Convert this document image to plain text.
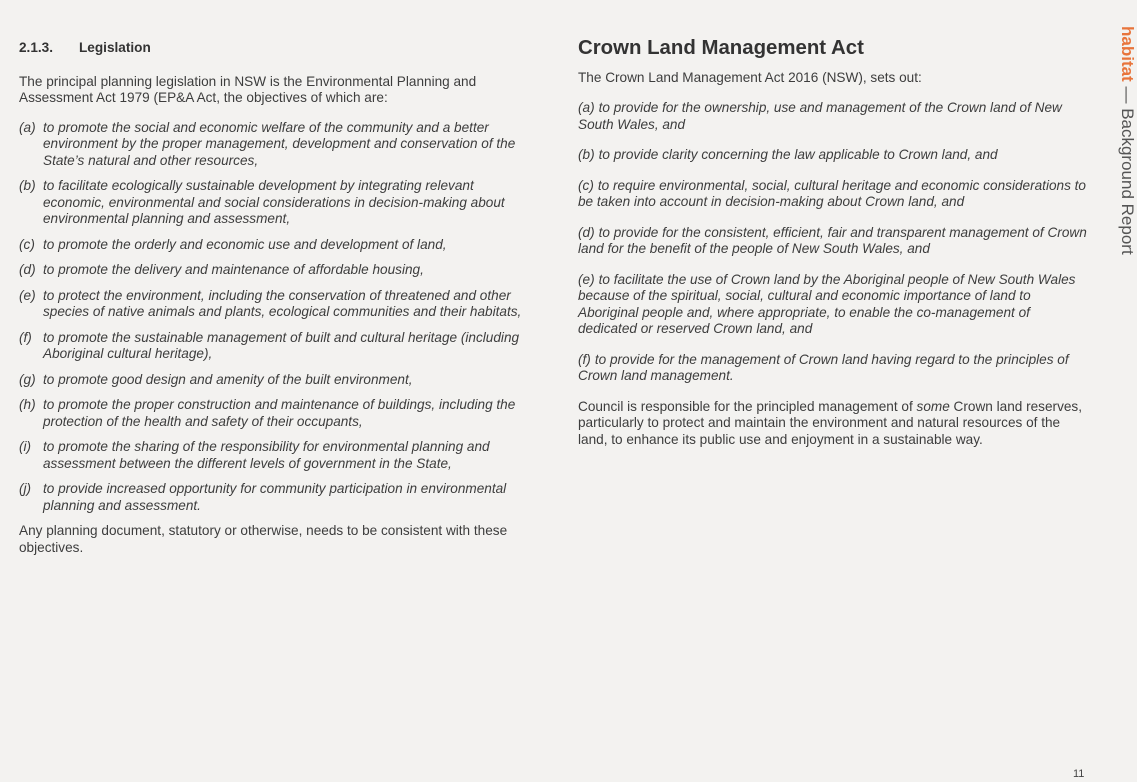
2.1.3.	Legislation

The principal planning legislation in NSW is the Environmental Planning and Assessment Act 1979 (EP&A Act, the objectives of which are:

(a) to promote the social and economic welfare of the community and a better environment by the proper management, development and conservation of the State’s natural and other resources,
(b) to facilitate ecologically sustainable development by integrating relevant economic, environmental and social considerations in decision-making about environmental planning and assessment,
(c) to promote the orderly and economic use and development of land,
(d) to promote the delivery and maintenance of affordable housing,
(e) to protect the environment, including the conservation of threatened and other species of native animals and plants, ecological communities and their habitats,
(f) to promote the sustainable management of built and cultural heritage (including Aboriginal cultural heritage),
(g) to promote good design and amenity of the built environment,
(h) to promote the proper construction and maintenance of buildings, including the protection of the health and safety of their occupants,
(i) to promote the sharing of the responsibility for environmental planning and assessment between the different levels of government in the State,
(j) to provide increased opportunity for community participation in environmental planning and assessment.

Any planning document, statutory or otherwise, needs to be consistent with these objectives.

Crown Land Management Act

The Crown Land Management Act 2016 (NSW), sets out:

(a) to provide for the ownership, use and management of the Crown land of New South Wales, and

(b) to provide clarity concerning the law applicable to Crown land, and

(c) to require environmental, social, cultural heritage and economic considerations to be taken into account in decision-making about Crown land, and

(d) to provide for the consistent, efficient, fair and transparent management of Crown land for the benefit of the people of New South Wales, and

(e) to facilitate the use of Crown land by the Aboriginal people of New South Wales because of the spiritual, social, cultural and economic importance of land to Aboriginal people and, where appropriate, to enable the co-management of dedicated or reserved Crown land, and

(f) to provide for the management of Crown land having regard to the principles of Crown land management.

Council is responsible for the principled management of some Crown land reserves, particularly to protect and maintain the environment and natural resources of the land, to enhance its public use and enjoyment in a sustainable way.

habitat — Background Report
11
